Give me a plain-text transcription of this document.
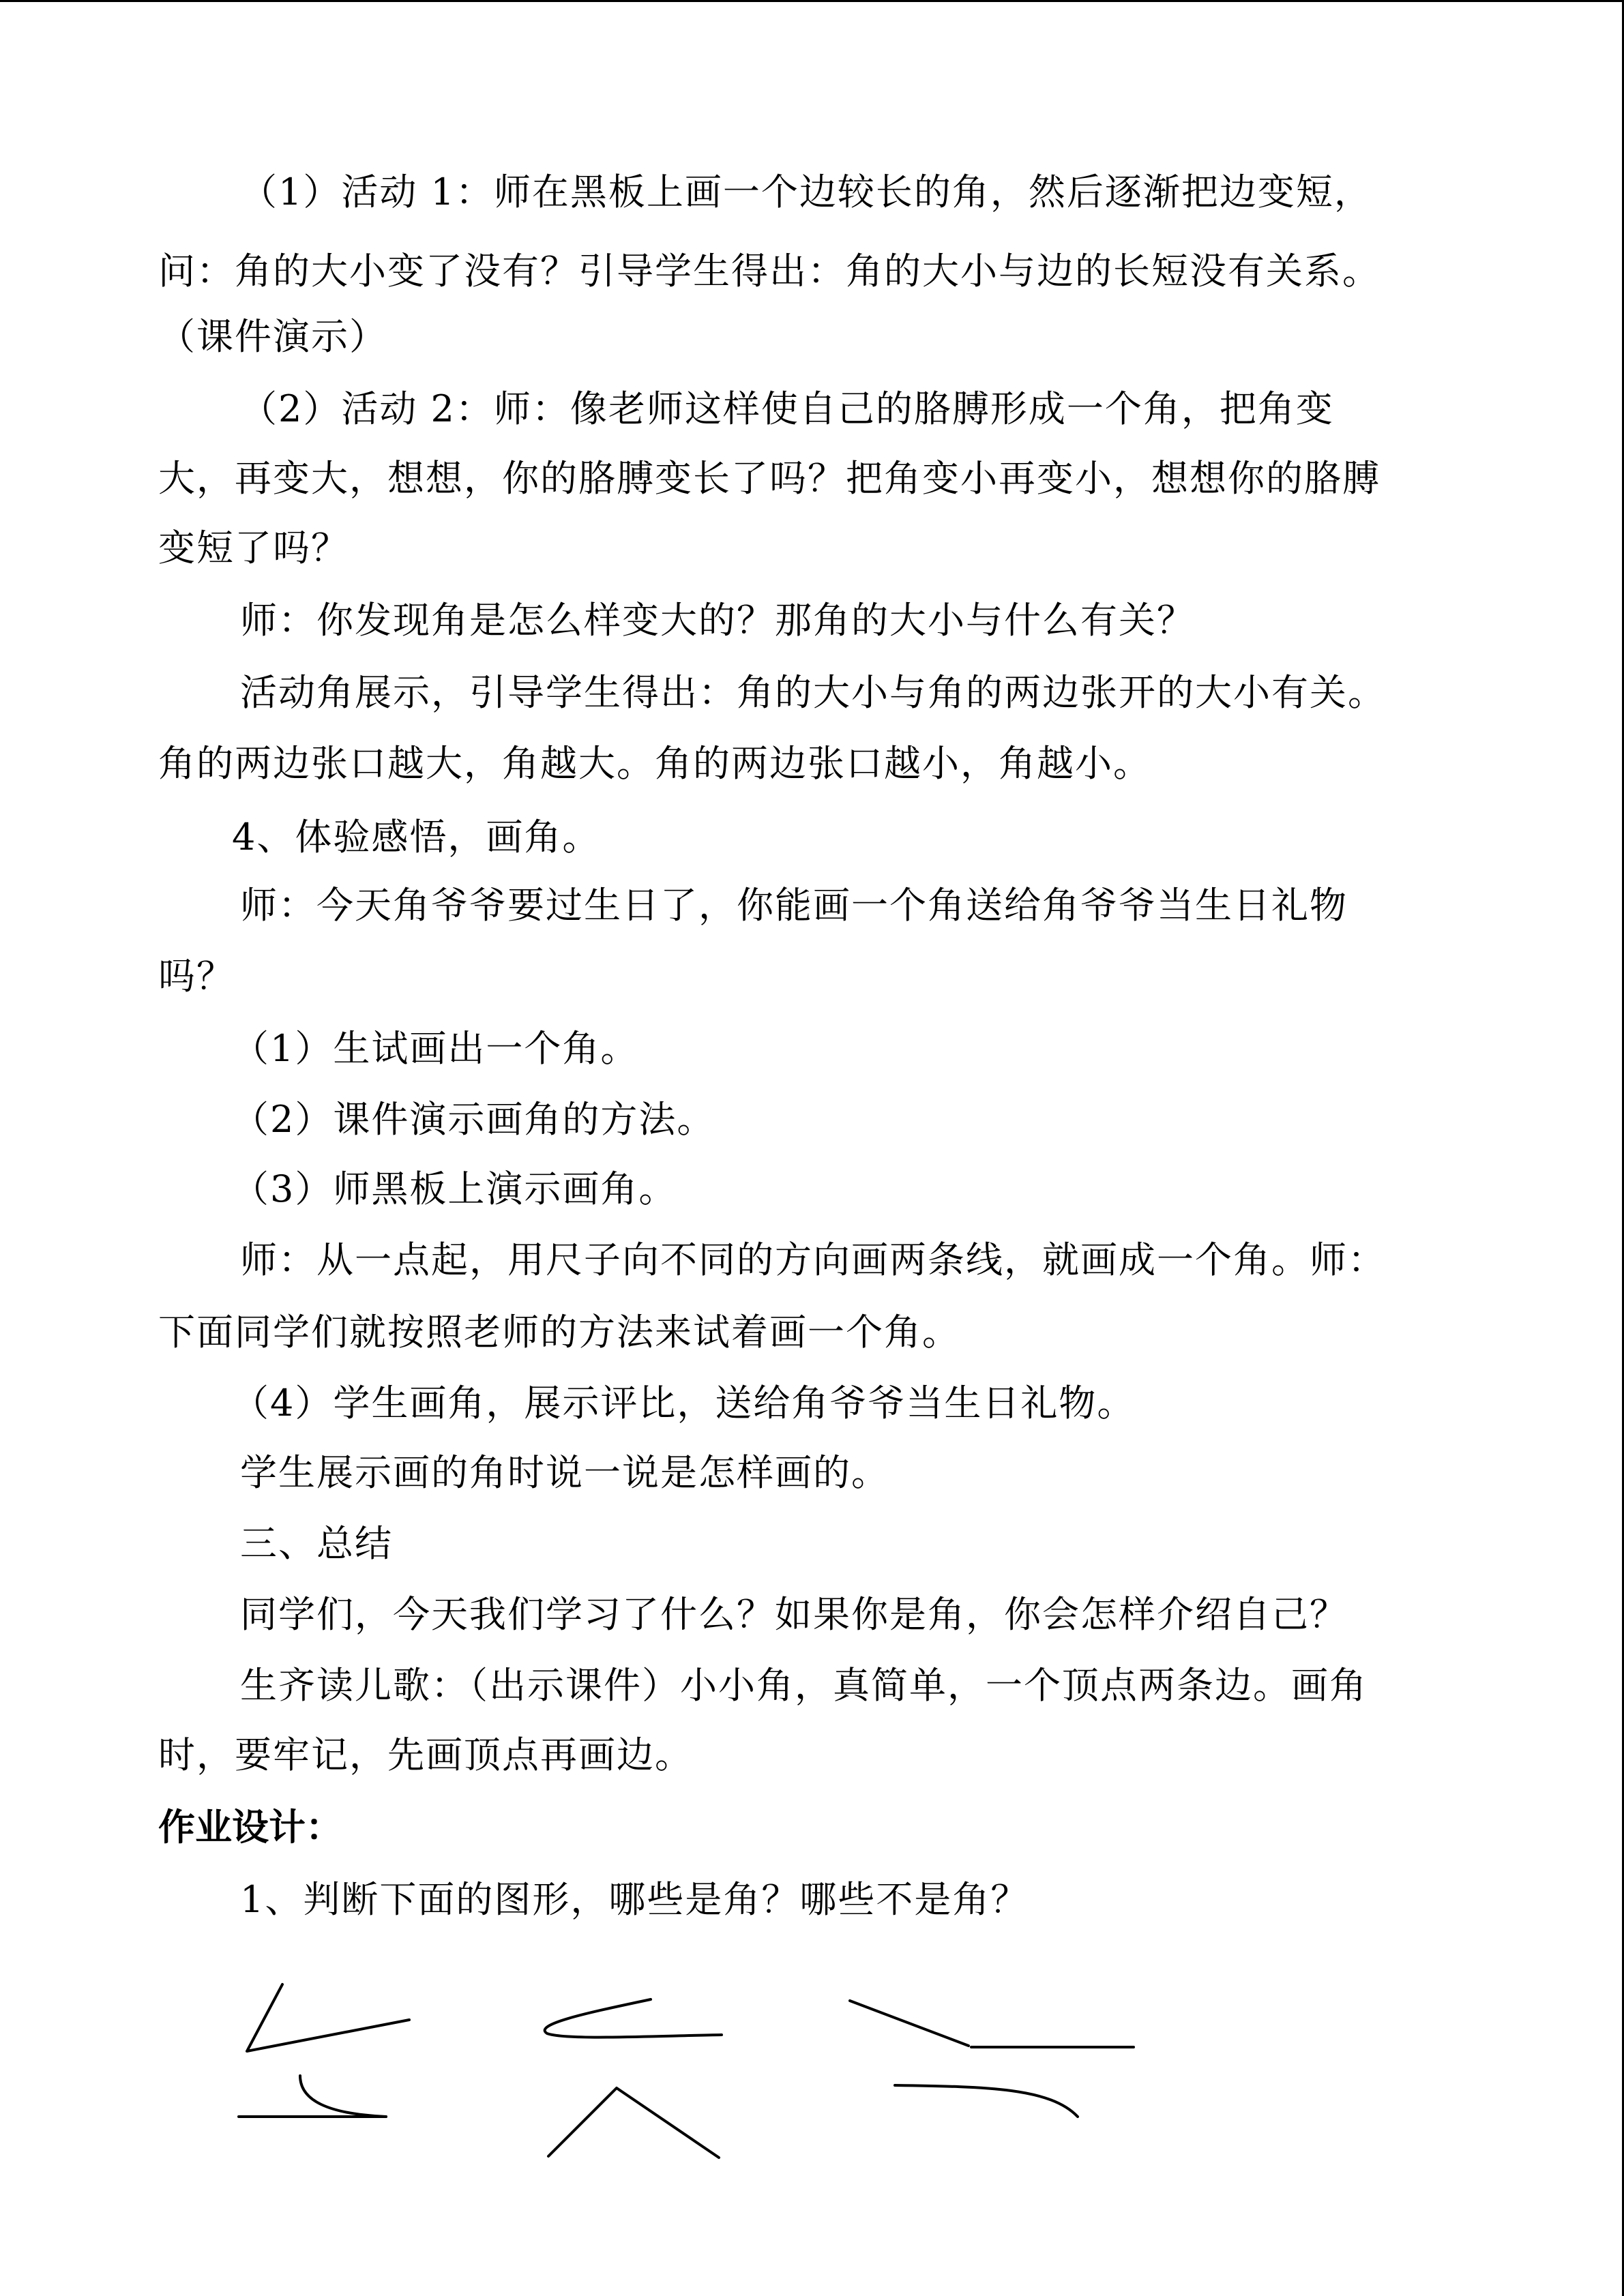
（1）活动 1：师在黑板上画一个边较长的角，然后逐渐把边变短，
问：角的大小变了没有？引导学生得出：角的大小与边的长短没有关系。
（课件演示）
（2）活动 2：师：像老师这样使自己的胳膊形成一个角，把角变
大，再变大，想想，你的胳膊变长了吗？把角变小再变小，想想你的胳膊
变短了吗？
师：你发现角是怎么样变大的？那角的大小与什么有关？
活动角展示，引导学生得出：角的大小与角的两边张开的大小有关。
角的两边张口越大，角越大。角的两边张口越小，角越小。
4、体验感悟，画角。
师：今天角爷爷要过生日了，你能画一个角送给角爷爷当生日礼物
吗？
（1）生试画出一个角。
（2）课件演示画角的方法。
（3）师黑板上演示画角。
师：从一点起，用尺子向不同的方向画两条线，就画成一个角。师：
下面同学们就按照老师的方法来试着画一个角。
（4）学生画角，展示评比，送给角爷爷当生日礼物。
学生展示画的角时说一说是怎样画的。
三、总结
同学们，今天我们学习了什么？如果你是角，你会怎样介绍自己？
生齐读儿歌：（出示课件）小小角，真简单，一个顶点两条边。画角
时，要牢记，先画顶点再画边。
作业设计：
1、判断下面的图形，哪些是角？哪些不是角？
